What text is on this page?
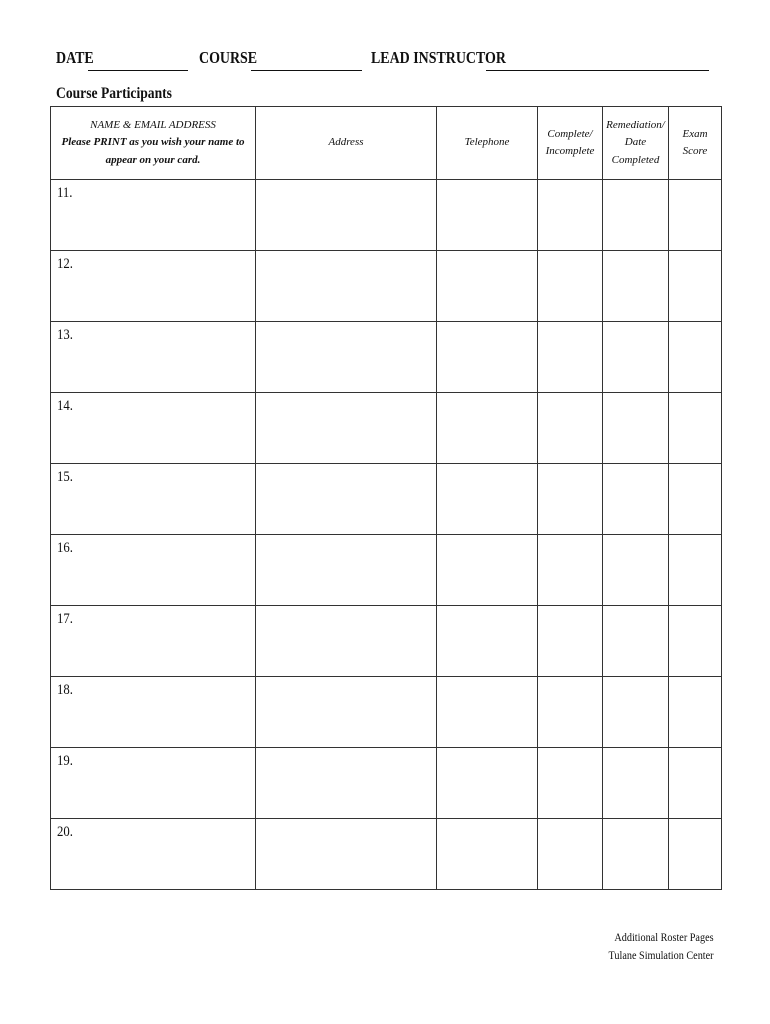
DATE	COURSE	LEAD INSTRUCTOR
Course Participants
NAME & EMAIL ADDRESS
Please PRINT as you wish your name to appear on your card.	Address	Telephone	Complete/ Incomplete	Remediation/ Date Completed	Exam Score
11.					
12.					
13.					
14.					
15.					
16.					
17.					
18.					
19.					
20.					
Additional Roster Pages
Tulane Simulation Center
